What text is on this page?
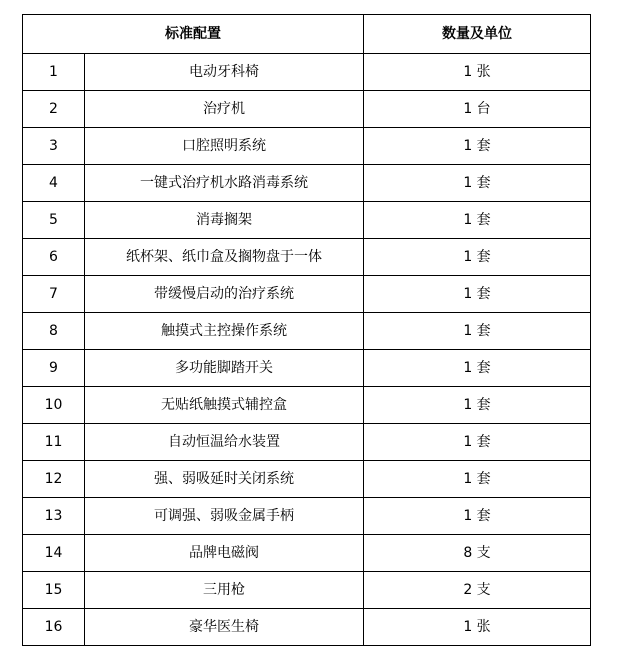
标准配置		数量及单位
1	电动牙科椅	1 张
2	治疗机	1 台
3	口腔照明系统	1 套
4	一键式治疗机水路消毒系统	1 套
5	消毒搁架	1 套
6	纸杯架、纸巾盒及搁物盘于一体	1 套
7	带缓慢启动的治疗系统	1 套
8	触摸式主控操作系统	1 套
9	多功能脚踏开关	1 套
10	无贴纸触摸式辅控盒	1 套
11	自动恒温给水装置	1 套
12	强、弱吸延时关闭系统	1 套
13	可调强、弱吸金属手柄	1 套
14	品牌电磁阀	8 支
15	三用枪	2 支
16	豪华医生椅	1 张
